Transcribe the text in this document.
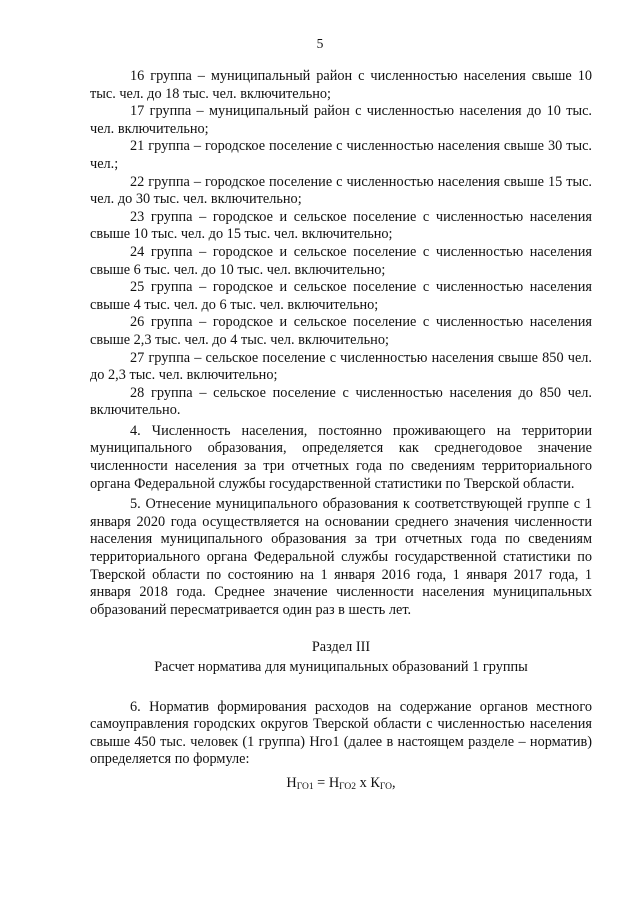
5

16 группа – муниципальный район с численностью населения свыше 10 тыс. чел. до 18 тыс. чел. включительно;

17 группа – муниципальный район с численностью населения до 10 тыс. чел. включительно;

21 группа – городское поселение с численностью населения свыше 30 тыс. чел.;

22 группа – городское поселение с численностью населения свыше 15 тыс. чел. до 30 тыс. чел. включительно;

23 группа – городское и сельское поселение с численностью населения свыше 10 тыс. чел. до 15 тыс. чел. включительно;

24 группа – городское и сельское поселение с численностью населения свыше 6 тыс. чел. до 10 тыс. чел. включительно;

25 группа – городское и сельское поселение с численностью населения свыше 4 тыс. чел. до 6 тыс. чел. включительно;

26 группа – городское и сельское поселение с численностью населения свыше 2,3 тыс. чел. до 4 тыс. чел. включительно;

27 группа – сельское поселение с численностью населения свыше 850 чел. до 2,3 тыс. чел. включительно;

28 группа – сельское поселение с численностью населения до 850 чел. включительно.

4. Численность населения, постоянно проживающего на территории муниципального образования, определяется как среднегодовое значение численности населения за три отчетных года по сведениям территориального органа Федеральной службы государственной статистики по Тверской области.

5. Отнесение муниципального образования к соответствующей группе с 1 января 2020 года осуществляется на основании среднего значения численности населения муниципального образования за три отчетных года по сведениям территориального органа Федеральной службы государственной статистики по Тверской области по состоянию на 1 января 2016 года, 1 января 2017 года, 1 января 2018 года. Среднее значение численности населения муниципальных образований пересматривается один раз в шесть лет.

Раздел III

Расчет норматива для муниципальных образований 1 группы

6. Норматив формирования расходов на содержание органов местного самоуправления городских округов Тверской области с численностью населения свыше 450 тыс. человек (1 группа) Нго1 (далее в настоящем разделе – норматив) определяется по формуле:

$Н_{ГО1} = Н_{ГО2}$ x $К_{ГО}$,
